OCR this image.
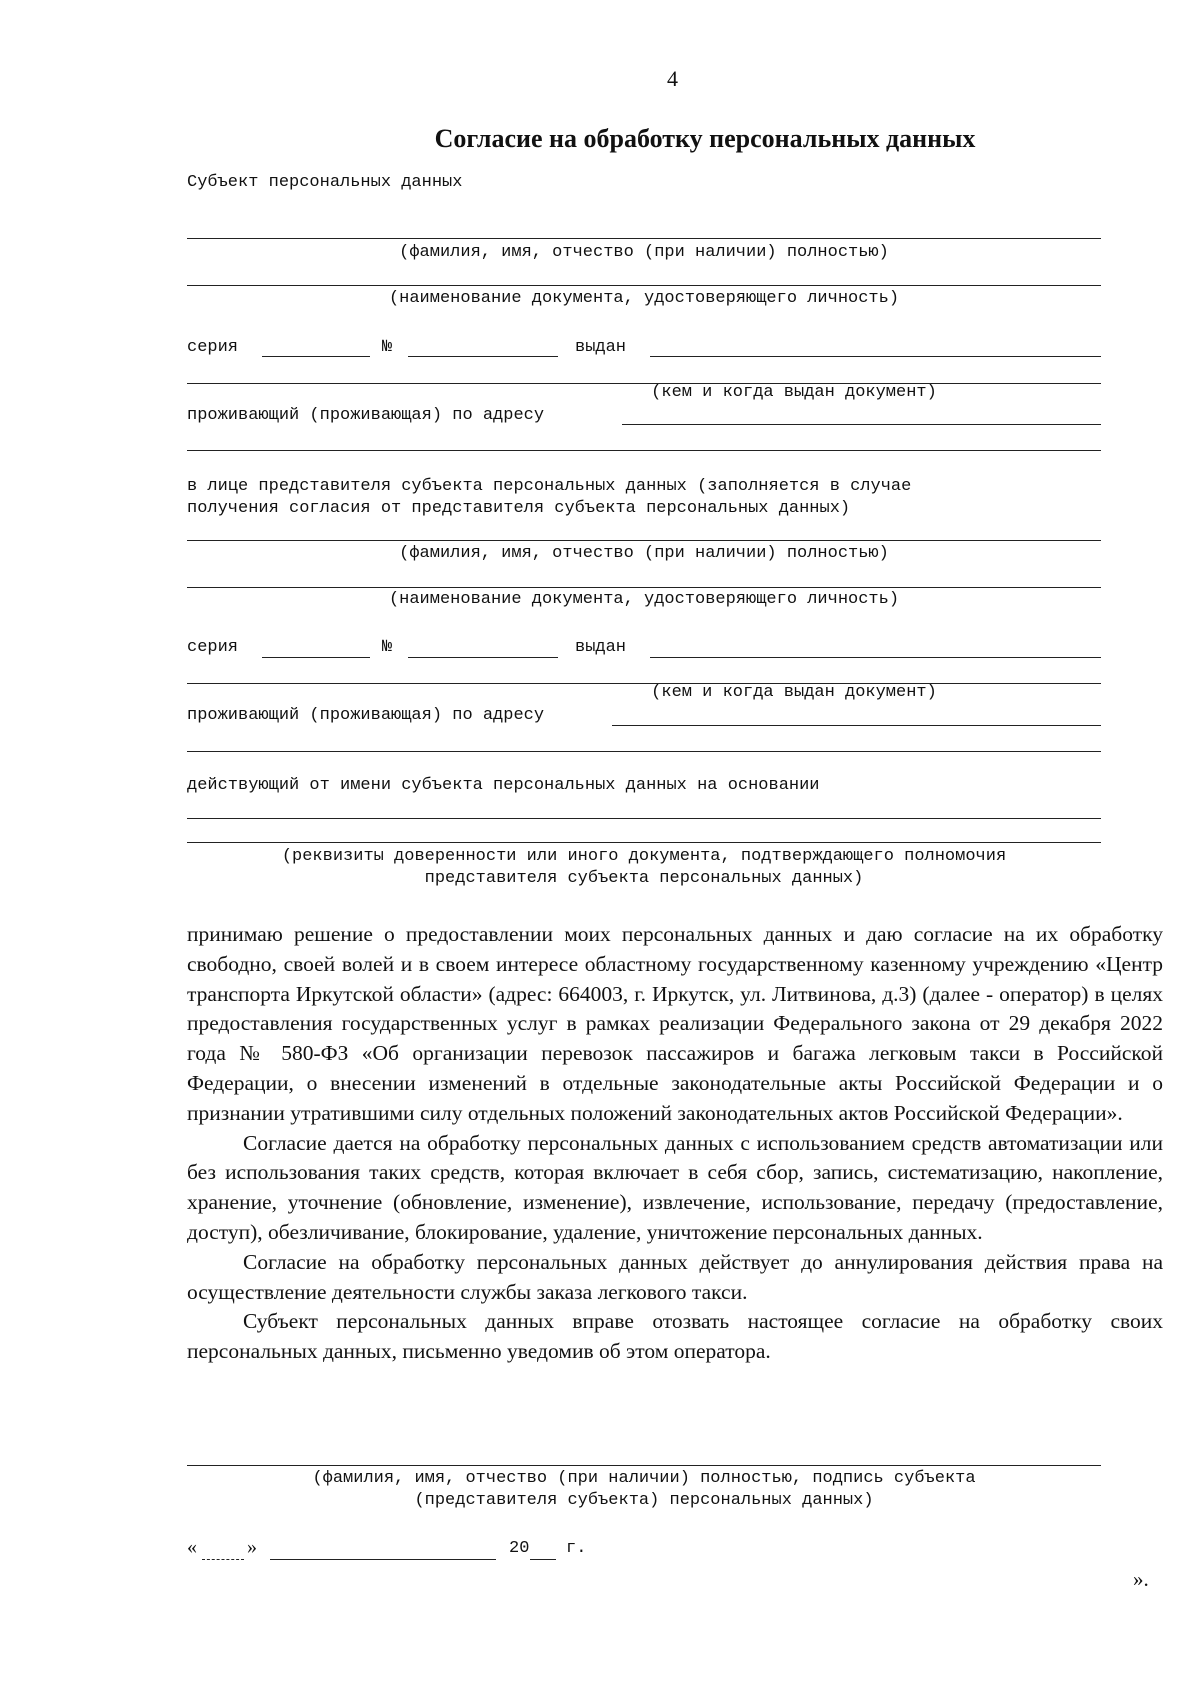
4
Согласие на обработку персональных данных
Субъект персональных данных
(фамилия, имя, отчество (при наличии) полностью)
(наименование документа, удостоверяющего личность)
серия	№	выдан
(кем и когда выдан документ)
проживающий (проживающая) по адресу
в лице представителя субъекта персональных данных (заполняется в случае
получения согласия от представителя субъекта персональных данных)
(фамилия, имя, отчество (при наличии) полностью)
(наименование документа, удостоверяющего личность)
серия	№	выдан
(кем и когда выдан документ)
проживающий (проживающая) по адресу
действующий от имени субъекта персональных данных на основании
(реквизиты доверенности или иного документа, подтверждающего полномочия
представителя субъекта персональных данных)

принимаю решение о предоставлении моих персональных данных и даю согласие на их обработку свободно, своей волей и в своем интересе областному государственному казенному учреждению «Центр транспорта Иркутской области» (адрес: 664003, г. Иркутск, ул. Литвинова, д.3) (далее - оператор) в целях предоставления государственных услуг в рамках реализации Федерального закона от 29 декабря 2022 года № 580-ФЗ «Об организации перевозок пассажиров и багажа легковым такси в Российской Федерации, о внесении изменений в отдельные законодательные акты Российской Федерации и о признании утратившими силу отдельных положений законодательных актов Российской Федерации».

Согласие дается на обработку персональных данных с использованием средств автоматизации или без использования таких средств, которая включает в себя сбор, запись, систематизацию, накопление, хранение, уточнение (обновление, изменение), извлечение, использование, передачу (предоставление, доступ), обезличивание, блокирование, удаление, уничтожение персональных данных.

Согласие на обработку персональных данных действует до аннулирования действия права на осуществление деятельности службы заказа легкового такси.

Субъект персональных данных вправе отозвать настоящее согласие на обработку своих персональных данных, письменно уведомив об этом оператора.

(фамилия, имя, отчество (при наличии) полностью, подпись субъекта
(представителя субъекта) персональных данных)
«	»	20 г.
».
